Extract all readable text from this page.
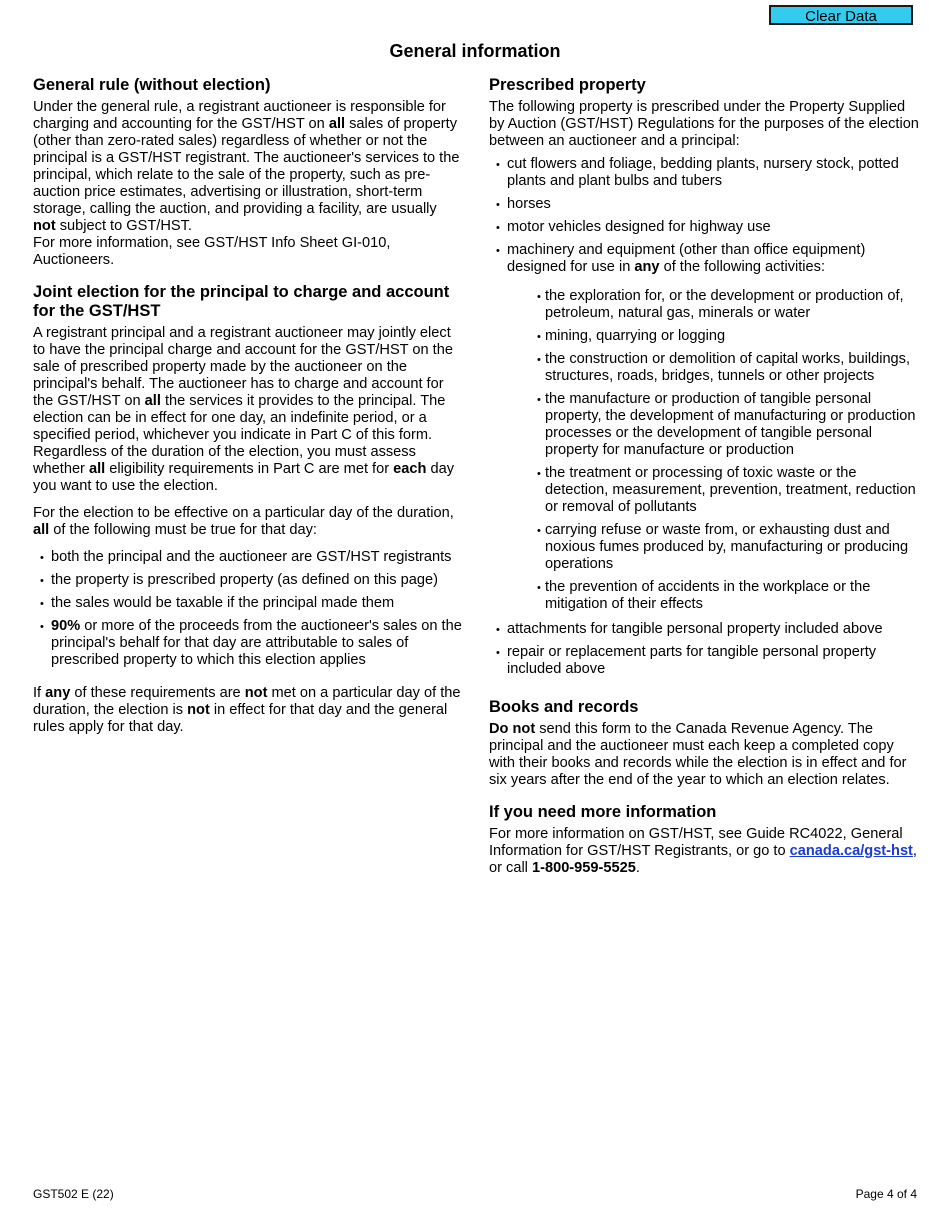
Clear Data
General information
General rule (without election)

Under the general rule, a registrant auctioneer is responsible for charging and accounting for the GST/HST on all sales of property (other than zero-rated sales) regardless of whether or not the principal is a GST/HST registrant. The auctioneer's services to the principal, which relate to the sale of the property, such as pre-auction price estimates, advertising or illustration, short-term storage, calling the auction, and providing a facility, are usually not subject to GST/HST.
For more information, see GST/HST Info Sheet GI-010, Auctioneers.

Joint election for the principal to charge and account for the GST/HST

A registrant principal and a registrant auctioneer may jointly elect to have the principal charge and account for the GST/HST on the sale of prescribed property made by the auctioneer on the principal's behalf. The auctioneer has to charge and account for the GST/HST on all the services it provides to the principal. The election can be in effect for one day, an indefinite period, or a specified period, whichever you indicate in Part C of this form. Regardless of the duration of the election, you must assess whether all eligibility requirements in Part C are met for each day you want to use the election.

For the election to be effective on a particular day of the duration, all of the following must be true for that day:

• both the principal and the auctioneer are GST/HST registrants
• the property is prescribed property (as defined on this page)
• the sales would be taxable if the principal made them
• 90% or more of the proceeds from the auctioneer's sales on the principal's behalf for that day are attributable to sales of prescribed property to which this election applies

If any of these requirements are not met on a particular day of the duration, the election is not in effect for that day and the general rules apply for that day.

Prescribed property

The following property is prescribed under the Property Supplied by Auction (GST/HST) Regulations for the purposes of the election between an auctioneer and a principal:

• cut flowers and foliage, bedding plants, nursery stock, potted plants and plant bulbs and tubers
• horses
• motor vehicles designed for highway use
• machinery and equipment (other than office equipment) designed for use in any of the following activities:
• the exploration for, or the development or production of, petroleum, natural gas, minerals or water
• mining, quarrying or logging
• the construction or demolition of capital works, buildings, structures, roads, bridges, tunnels or other projects
• the manufacture or production of tangible personal property, the development of manufacturing or production processes or the development of tangible personal property for manufacture or production
• the treatment or processing of toxic waste or the detection, measurement, prevention, treatment, reduction or removal of pollutants
• carrying refuse or waste from, or exhausting dust and noxious fumes produced by, manufacturing or producing operations
• the prevention of accidents in the workplace or the mitigation of their effects
• attachments for tangible personal property included above
• repair or replacement parts for tangible personal property included above
Books and records

Do not send this form to the Canada Revenue Agency. The principal and the auctioneer must each keep a completed copy with their books and records while the election is in effect and for six years after the end of the year to which an election relates.

If you need more information

For more information on GST/HST, see Guide RC4022, General Information for GST/HST Registrants, or go to canada.ca/gst-hst, or call 1-800-959-5525.

GST502 E (22)	Page 4 of 4
